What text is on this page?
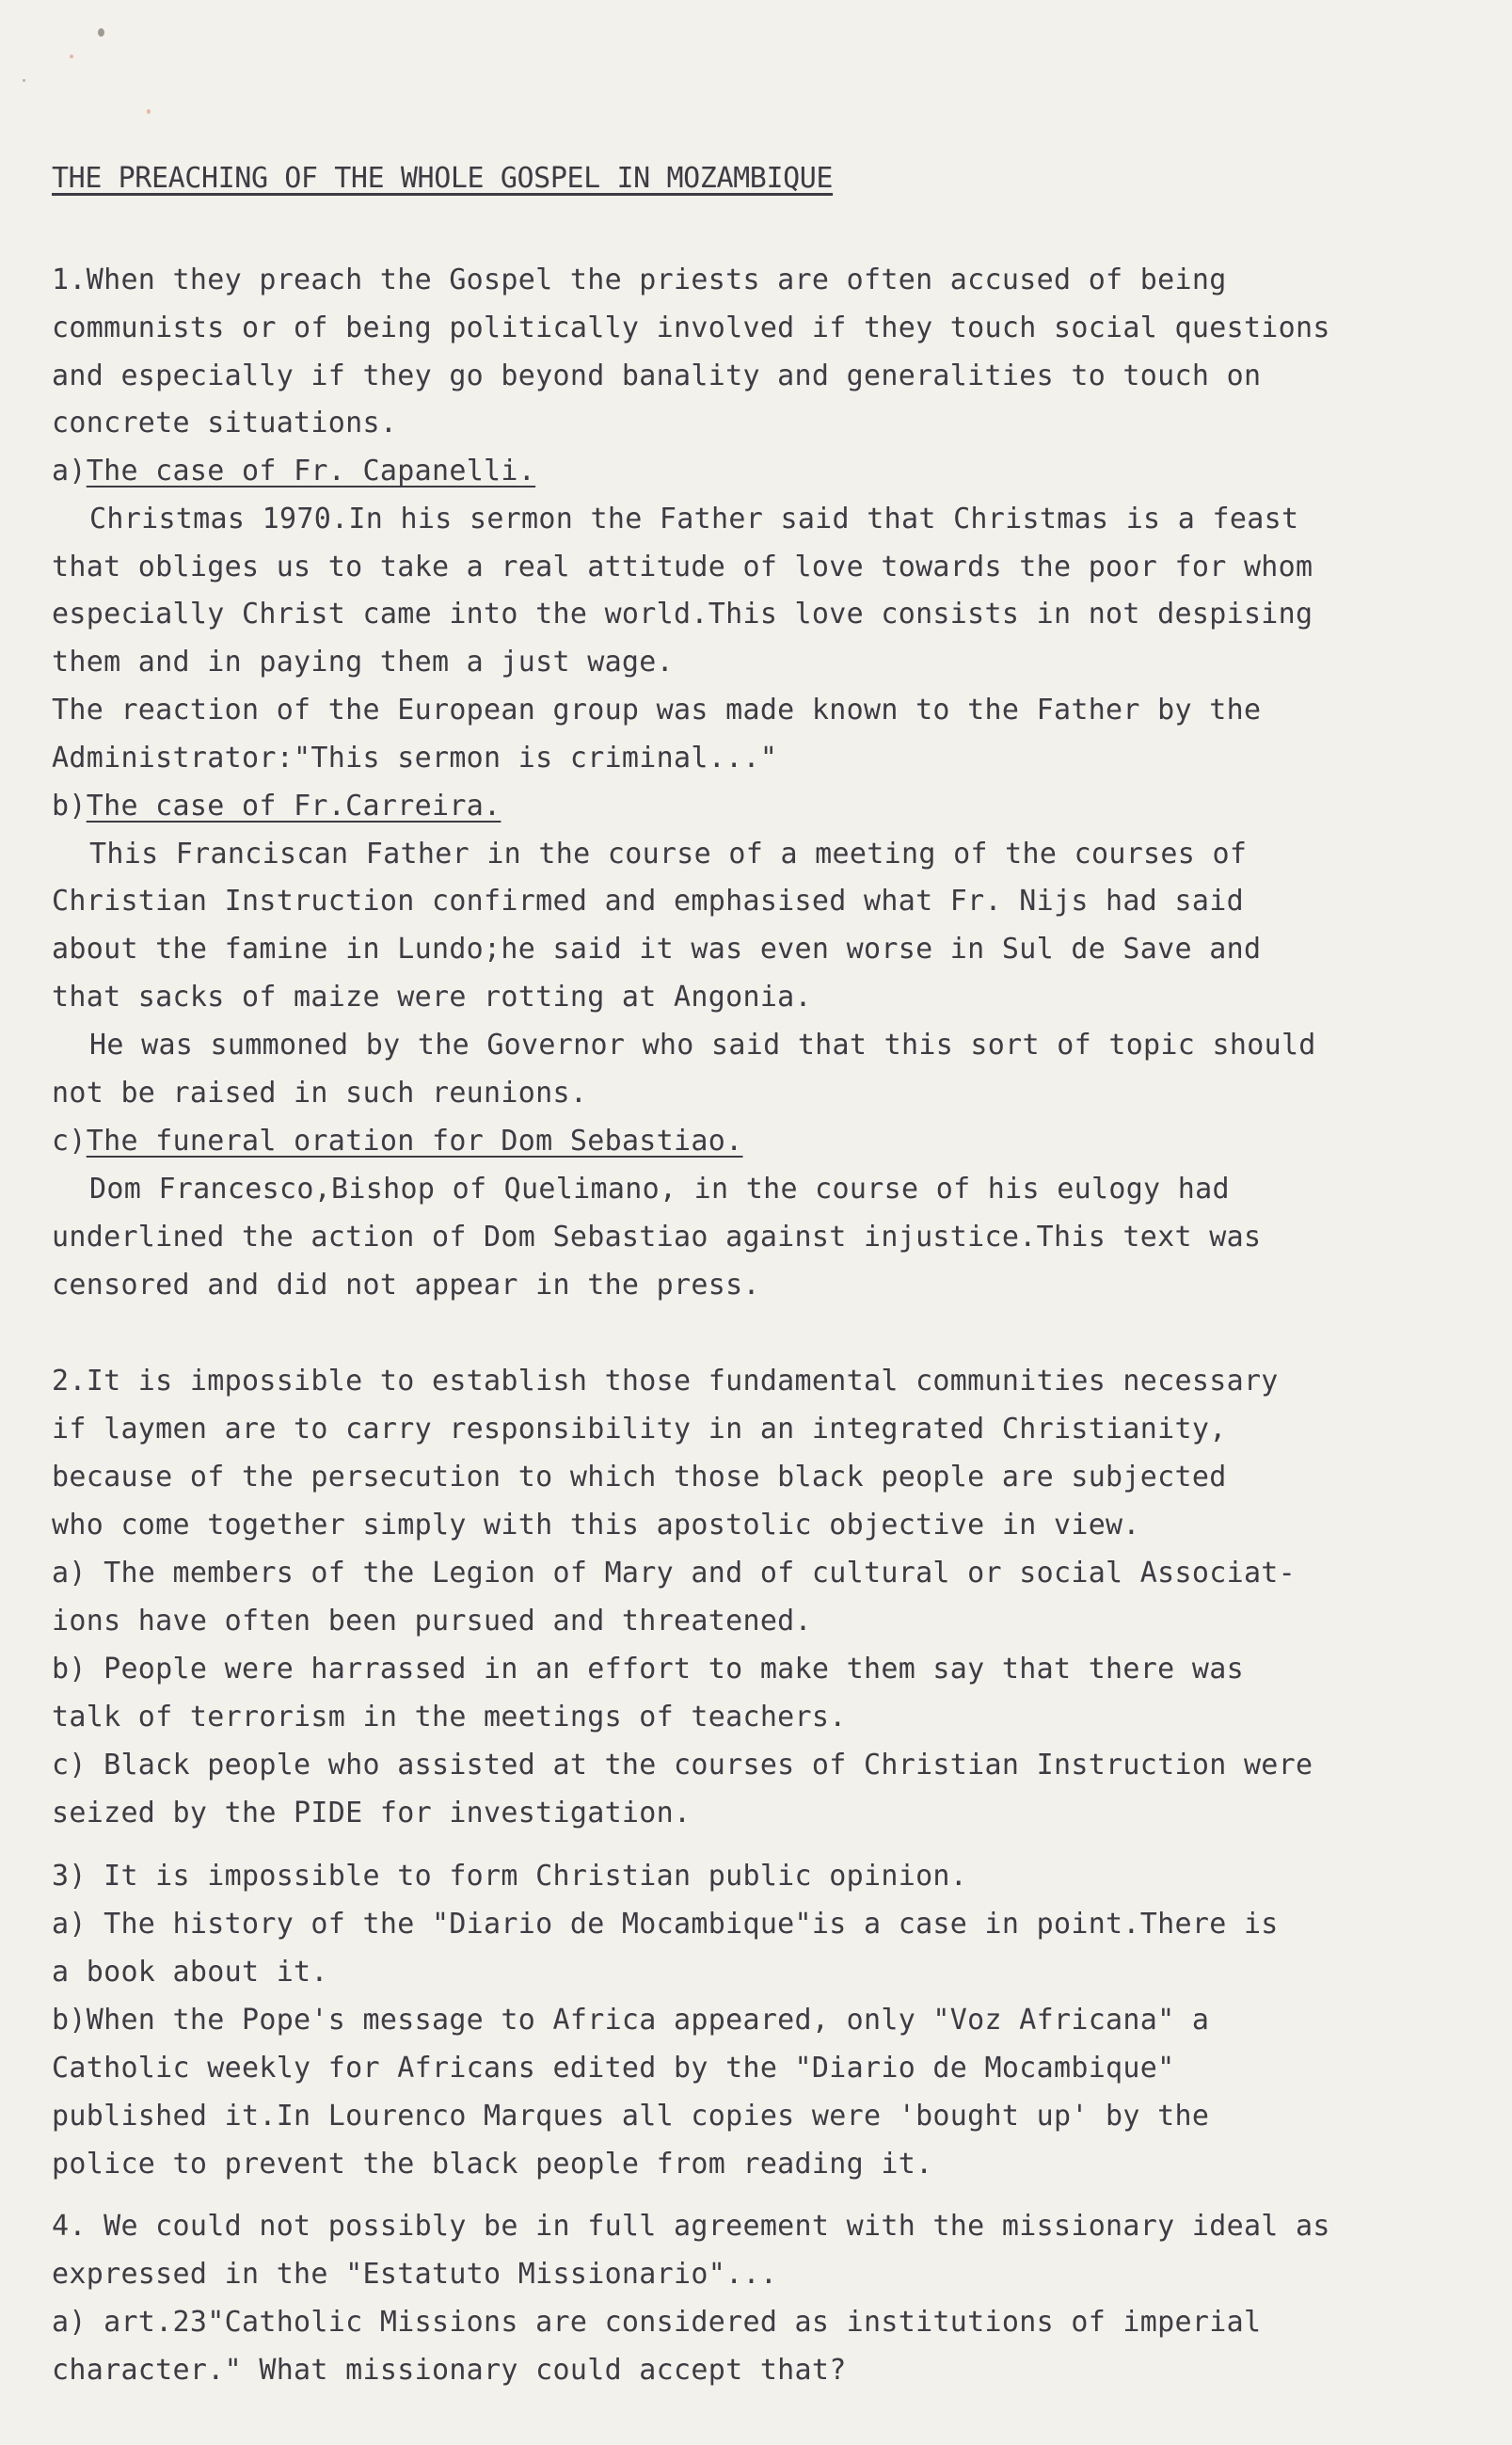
THE PREACHING OF THE WHOLE GOSPEL IN MOZAMBIQUE
1.When they preach the Gospel the priests are often accused of being
communists or of being politically involved if they touch social questions
and especially if they go beyond banality and generalities to touch on
concrete situations.
a)The case of Fr. Capanelli.
Christmas 1970.In his sermon the Father said that Christmas is a feast
that obliges us to take a real attitude of love towards the poor for whom
especially Christ came into the world.This love consists in not despising
them and in paying them a just wage.
The reaction of the European group was made known to the Father by the
Administrator:"This sermon is criminal..."
b)The case of Fr.Carreira.
This Franciscan Father in the course of a meeting of the courses of
Christian Instruction confirmed and emphasised what Fr. Nijs had said
about the famine in Lundo;he said it was even worse in Sul de Save and
that sacks of maize were rotting at Angonia.
He was summoned by the Governor who said that this sort of topic should
not be raised in such reunions.
c)The funeral oration for Dom Sebastiao.
Dom Francesco,Bishop of Quelimano, in the course of his eulogy had
underlined the action of Dom Sebastiao against injustice.This text was
censored and did not appear in the press.
2.It is impossible to establish those fundamental communities necessary
if laymen are to carry responsibility in an integrated Christianity,
because of the persecution to which those black people are subjected
who come together simply with this apostolic objective in view.
a) The members of the Legion of Mary and of cultural or social Associat-
ions have often been pursued and threatened.
b) People were harrassed in an effort to make them say that there was
talk of terrorism in the meetings of teachers.
c) Black people who assisted at the courses of Christian Instruction were
seized by the PIDE for investigation.
3) It is impossible to form Christian public opinion.
a) The history of the "Diario de Mocambique"is a case in point.There is
a book about it.
b)When the Pope's message to Africa appeared, only "Voz Africana" a
Catholic weekly for Africans edited by the "Diario de Mocambique"
published it.In Lourenco Marques all copies were 'bought up' by the
police to prevent the black people from reading it.
4. We could not possibly be in full agreement with the missionary ideal as
expressed in the "Estatuto Missionario"...
a) art.23"Catholic Missions are considered as institutions of imperial
character." What missionary could accept that?
